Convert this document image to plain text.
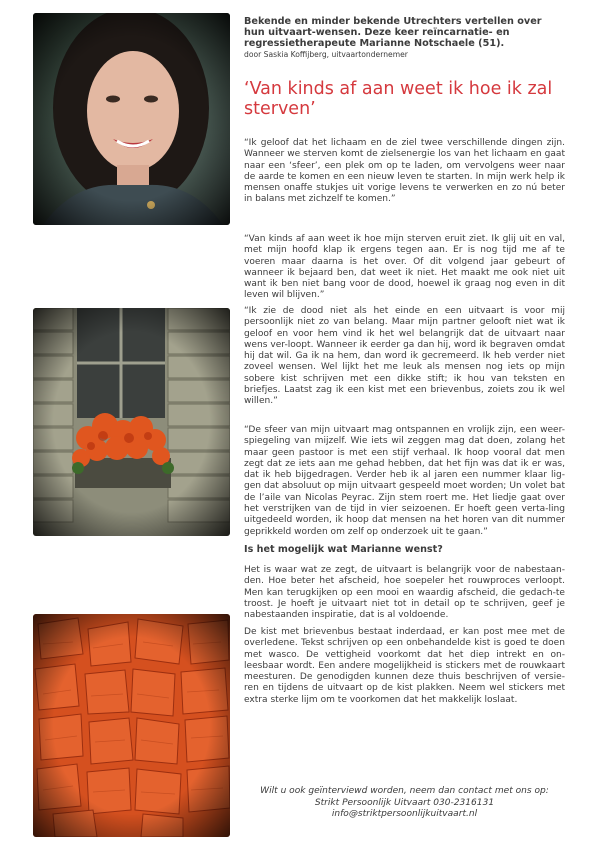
Bekende en minder bekende Utrechters vertellen over hun uitvaart-wensen. Deze keer reïncarnatie- en regressietherapeute Marianne Notschaele (51).
door Saskia Koffijberg, uitvaartondernemer
‘Van kinds af aan weet ik hoe ik zal sterven’

“Ik geloof dat het lichaam en de ziel twee verschillende dingen zijn. Wanneer we sterven komt de zielsenergie los van het lichaam en gaat naar een ‘sfeer’, een plek om op te laden, om vervolgens weer naar de aarde te komen en een nieuw leven te starten. In mijn werk help ik mensen onaffe stukjes uit vorige levens te verwerken en zo nú beter in balans met zichzelf te komen.”

“Van kinds af aan weet ik hoe mijn sterven eruit ziet. Ik glij uit en val, met mijn hoofd klap ik ergens tegen aan. Er is nog tijd me af te voeren maar daarna is het over. Of dit volgend jaar gebeurt of wanneer ik bejaard ben, dat weet ik niet. Het maakt me ook niet uit want ik ben niet bang voor de dood, hoewel ik graag nog even in dit leven wil blijven.”

“Ik zie de dood niet als het einde en een uitvaart is voor mij persoonlijk niet zo van belang. Maar mijn partner gelooft niet wat ik geloof en voor hem vind ik het wel belangrijk dat de uitvaart naar wens ver-loopt. Wanneer ik eerder ga dan hij, word ik begraven omdat hij dat wil. Ga ik na hem, dan word ik gecremeerd. Ik heb verder niet zoveel wensen. Wel lijkt het me leuk als mensen nog iets op mijn sobere kist schrijven met een dikke stift; ik hou van teksten en briefjes. Laatst zag ik een kist met een brievenbus, zoiets zou ik wel willen.”

“De sfeer van mijn uitvaart mag ontspannen en vrolijk zijn, een weer-spiegeling van mijzelf. Wie iets wil zeggen mag dat doen, zolang het maar geen pastoor is met een stijf verhaal. Ik hoop vooral dat men zegt dat ze iets aan me gehad hebben, dat het fijn was dat ik er was, dat ik heb bijgedragen. Verder heb ik al jaren een nummer klaar lig-gen dat absoluut op mijn uitvaart gespeeld moet worden; Un volet bat de l’aile van Nicolas Peyrac. Zijn stem roert me. Het liedje gaat over het verstrijken van de tijd in vier seizoenen. Er hoeft geen verta-ling uitgedeeld worden, ik hoop dat mensen na het horen van dit nummer geprikkeld worden om zelf op onderzoek uit te gaan.”

Is het mogelijk wat Marianne wenst?

Het is waar wat ze zegt, de uitvaart is belangrijk voor de nabestaan-den. Hoe beter het afscheid, hoe soepeler het rouwproces verloopt. Men kan terugkijken op een mooi en waardig afscheid, die gedach-te troost. Je hoeft je uitvaart niet tot in detail op te schrijven, geef je nabestaanden inspiratie, dat is al voldoende.

De kist met brievenbus bestaat inderdaad, er kan post mee met de overledene. Tekst schrijven op een onbehandelde kist is goed te doen met wasco. De vettigheid voorkomt dat het diep intrekt en on-leesbaar wordt. Een andere mogelijkheid is stickers met de rouwkaart meesturen. De genodigden kunnen deze thuis beschrijven of versie-ren en tijdens de uitvaart op de kist plakken. Neem wel stickers met extra sterke lijm om te voorkomen dat het makkelijk loslaat.

Wilt u ook geïnterviewd worden, neem dan contact met ons op:
Strikt Persoonlijk Uitvaart 030-2316131
info@striktpersoonlijkuitvaart.nl
